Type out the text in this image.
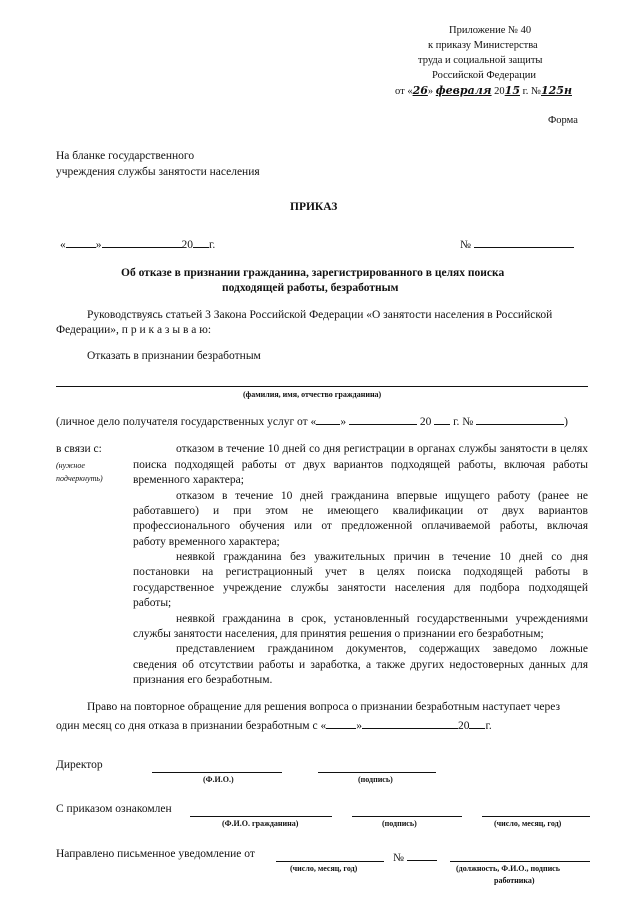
Приложение № 40
к приказу Министерства
труда и социальной защиты
Российской Федерации
от «26» февраля 2015 г. №125н
Форма
На бланке государственного
учреждения службы занятости населения
ПРИКАЗ
«	»	20 г.	№
Об отказе в признании гражданина, зарегистрированного в целях поиска
подходящей работы, безработным
Руководствуясь статьей 3 Закона Российской Федерации «О занятости населения в Российской
Федерации», п р и к а з ы в а ю:
Отказать в признании безработным
(фамилия, имя, отчество гражданина)
(личное дело получателя государственных услуг от « »	20 г. №	)
в связи с:
(нужное
подчеркнуть)
отказом в течение 10 дней со дня регистрации в органах службы занятости в целях
поиска подходящей работы от двух вариантов подходящей работы, включая работы
временного характера;
отказом в течение 10 дней гражданина впервые ищущего работу (ранее не
работавшего) и при этом не имеющего квалификации от двух вариантов
профессионального обучения или от предложенной оплачиваемой работы, включая
работу временного характера;
неявкой гражданина без уважительных причин в течение 10 дней со дня
постановки на регистрационный учет в целях поиска подходящей работы в
государственное учреждение службы занятости населения для подбора подходящей
работы;
неявкой гражданина в срок, установленный государственными учреждениями
службы занятости населения, для принятия решения о признании его безработным;
представлением гражданином документов, содержащих заведомо ложные
сведения об отсутствии работы и заработка, а также других недостоверных данных для
признания его безработным.
Право на повторное обращение для решения вопроса о признании безработным наступает через
один месяц со дня отказа в признании безработным с «	»	20 г.
Директор
(Ф.И.О.)	(подпись)
С приказом ознакомлен
(Ф.И.О. гражданина)	(подпись)	(число, месяц, год)
Направлено письменное уведомление от	№
(число, месяц, год)	(должность, Ф.И.О., подпись
работника)
